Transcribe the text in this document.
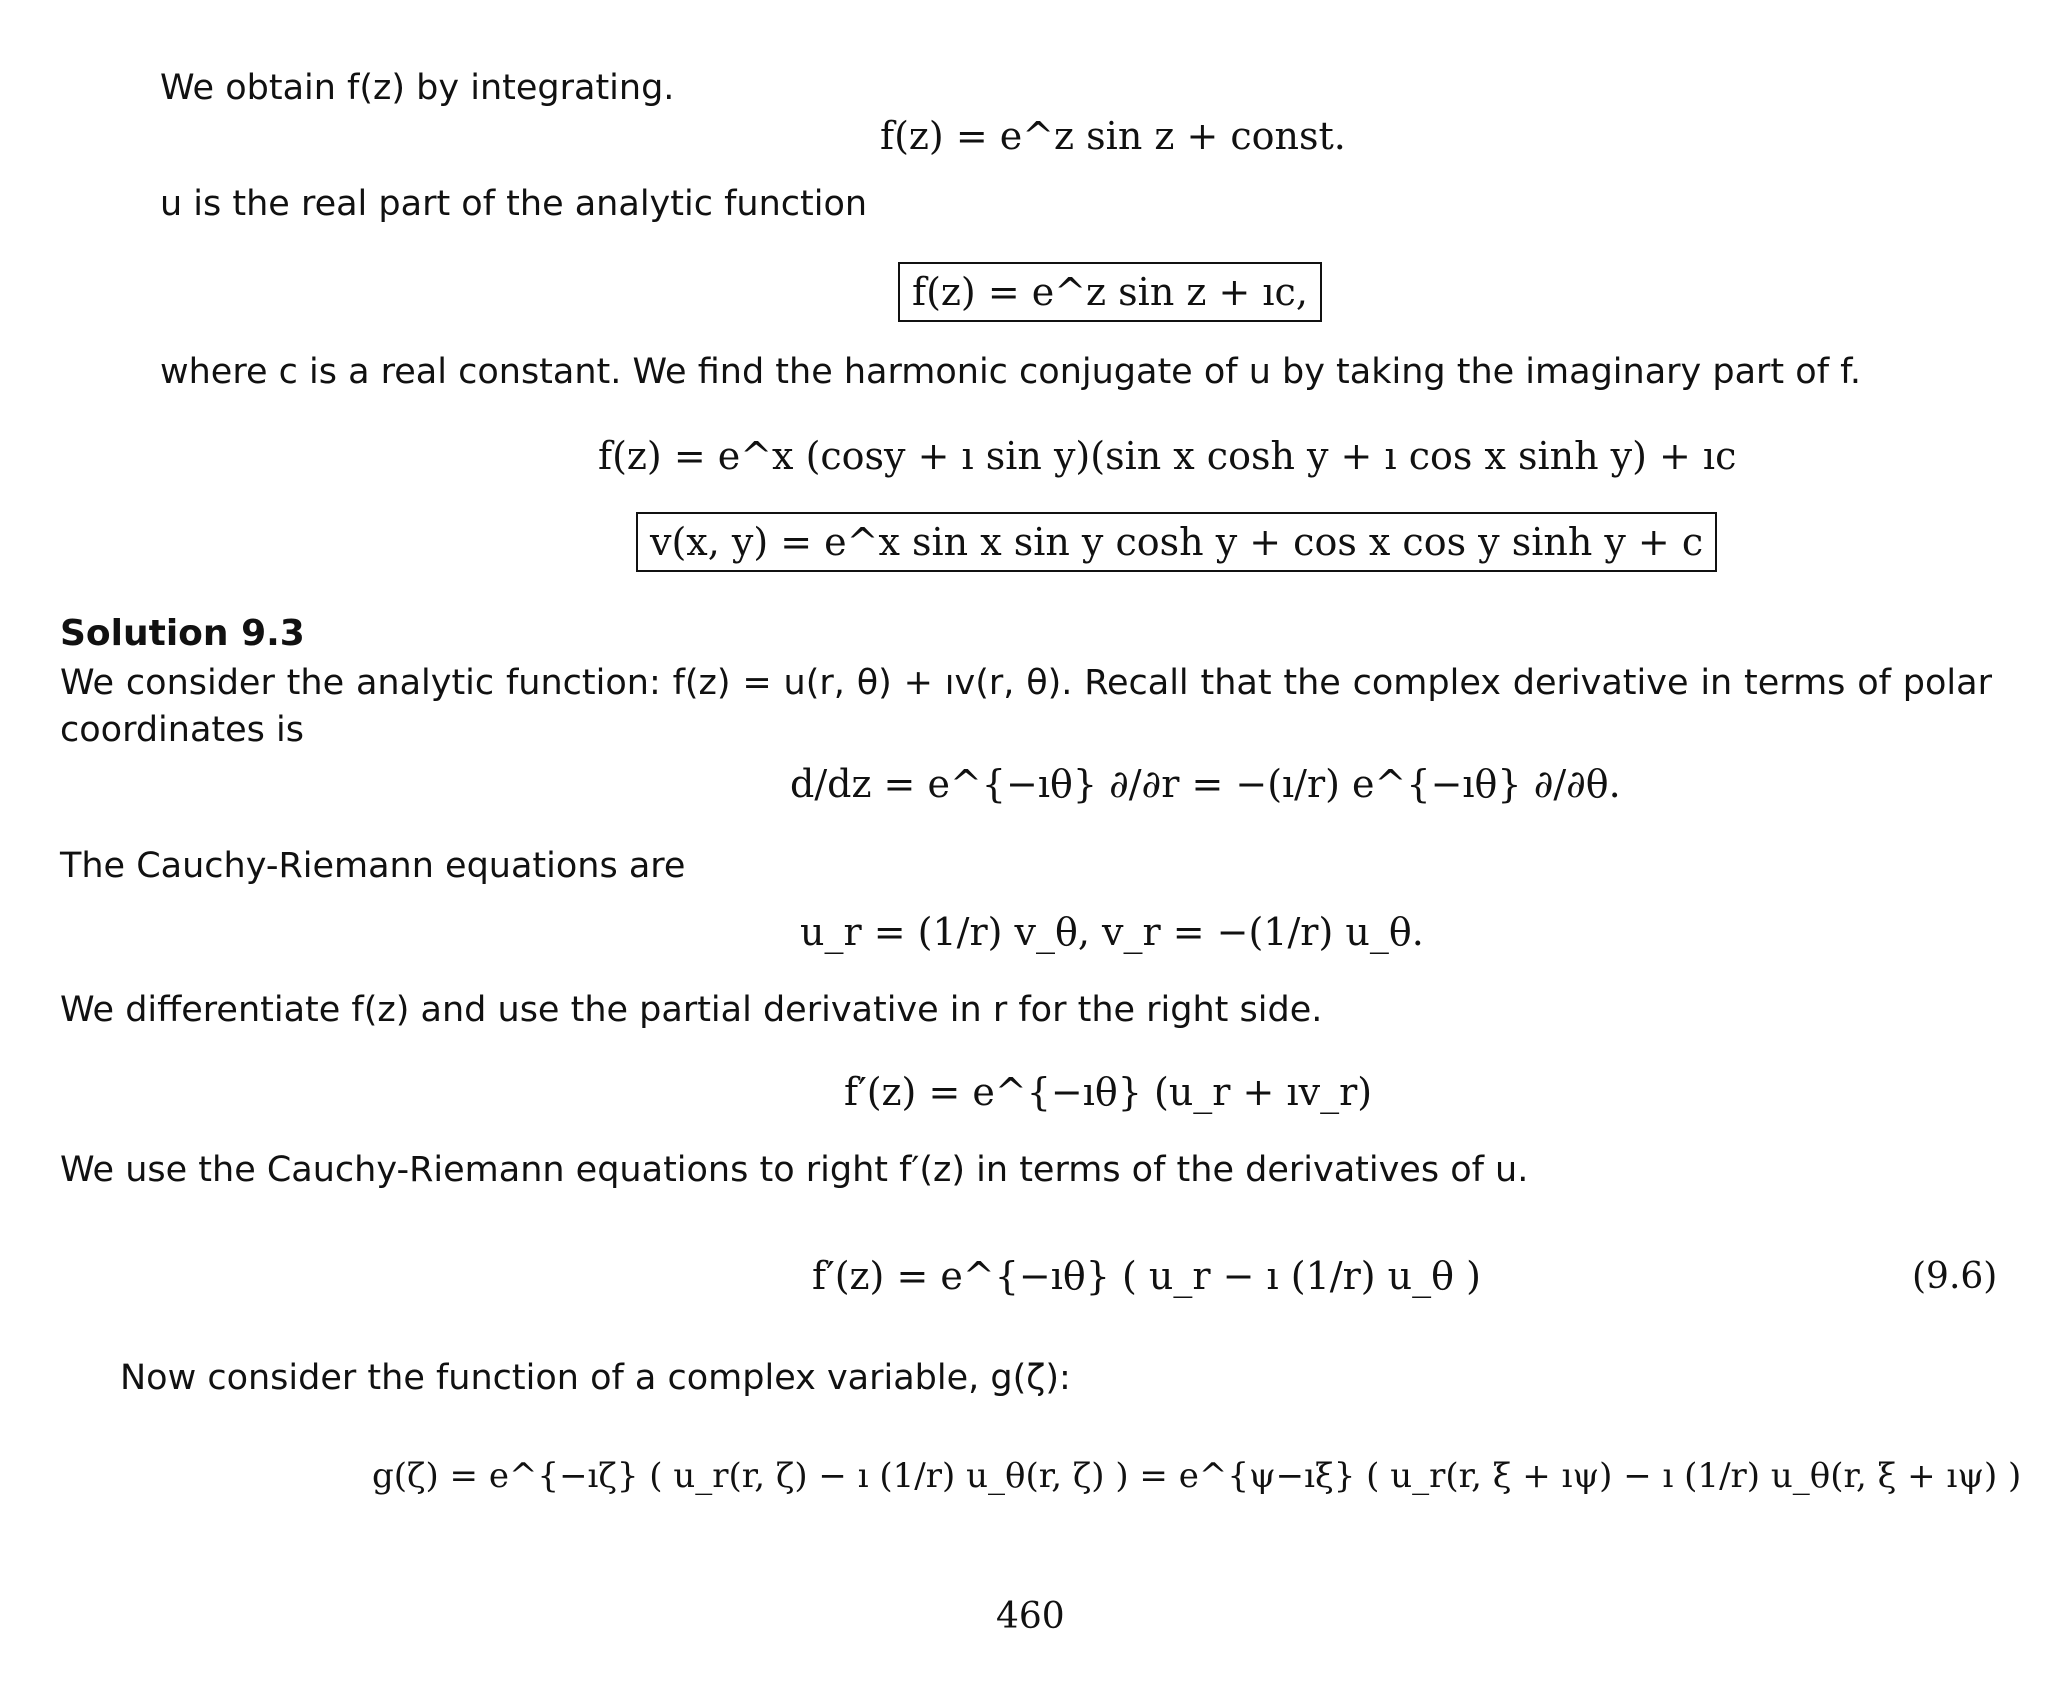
We obtain f(z) by integrating.
f(z) = e^z sin z + const.
u is the real part of the analytic function
f(z) = e^z sin z + ıc,
where c is a real constant. We find the harmonic conjugate of u by taking the imaginary part of f.
f(z) = e^x (cosy + ı sin y)(sin x cosh y + ı cos x sinh y) + ıc
v(x, y) = e^x sin x sin y cosh y + cos x cos y sinh y + c
Solution 9.3
We consider the analytic function: f(z) = u(r, θ) + ıv(r, θ). Recall that the complex derivative in terms of polar
coordinates is
d/dz = e^{−ıθ} ∂/∂r = −(ı/r) e^{−ıθ} ∂/∂θ.
The Cauchy-Riemann equations are
u_r = (1/r) v_θ, v_r = −(1/r) u_θ.
We differentiate f(z) and use the partial derivative in r for the right side.
f′(z) = e^{−ıθ} (u_r + ıv_r)
We use the Cauchy-Riemann equations to right f′(z) in terms of the derivatives of u.
f′(z) = e^{−ıθ} ( u_r − ı (1/r) u_θ )	(9.6)
Now consider the function of a complex variable, g(ζ):
g(ζ) = e^{−ıζ} ( u_r(r, ζ) − ı (1/r) u_θ(r, ζ) ) = e^{ψ−ıξ} ( u_r(r, ξ + ıψ) − ı (1/r) u_θ(r, ξ + ıψ) )
460
